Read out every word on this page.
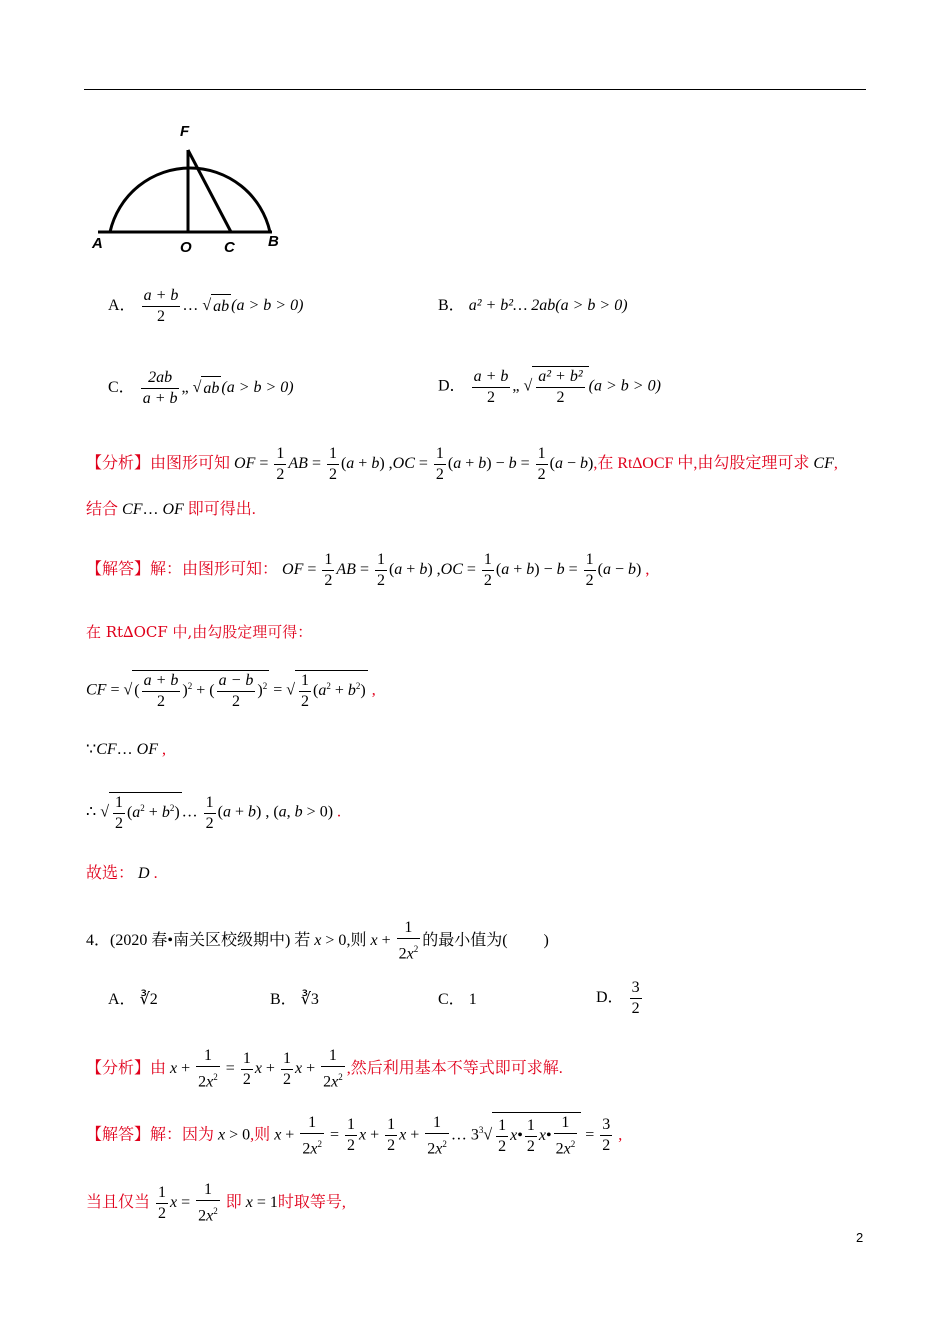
F
A	O C B
A． $\frac{a + b}{2}$ … √ ab (a > b > 0)	B． a² + b²… 2ab(a > b > 0)
C． $\frac{2ab}{a + b}$ „ √ ab (a > b > 0)	D． $\frac{a + b}{2}$ „ √ $\frac{\text{a² + b²}}{2} (a > b > 0)$
【分析】由图形可知 OF = $\frac{1}{2}$ AB = $\frac{1}{2} (a + b) ,OC = \frac{1}{2} (a + b) - b = \frac{1}{2} (a - b)$,在 Rt∆OCF 中,由勾股定理可求 CF,
结合 CF… OF 即可得出.
【解答】解：由图形可知： OF = $\frac{1}{2}$ AB = $\frac{1}{2} (a + b) ,OC = \frac{1}{2} (a + b) - b = \frac{1}{2} (a - b)$ ,
在 Rt∆OCF 中,由勾股定理可得：
CF = √ ( $\frac{a + b}{2} )^2$ + ( $\frac{a - b}{2} )^2$ = √ $\frac{1}{2} (a^2 + b^2)$ ,
∵CF… OF ,
∴ √ $\frac{1}{2} (a^2 + b^2)$ … $\frac{1}{2} (a + b)$ , (a, b > 0) .
故选： D .
4．(2020 春•南关区校级期中) 若 x > 0,则 $x + \frac{1}{2x^2}$ 的最小值为( )
A． ∛2	B． ∛3	C． 1	D． $\frac{3}{2}$
【分析】由 $x + \frac{1}{2x^2} = \frac{1}{2}$ $x + \frac{1}{2}$ $x + \frac{1}{2x^2}$ ,然后利用基本不等式即可求解.
【解答】解：因为 x > 0,则 $x + \frac{1}{2x^2} = \frac{1}{2}$ $x + \frac{1}{2}$ $x + \frac{1}{2x^2}$ … $3^3√ \frac{1}{2}$ x• $\frac{1}{2}$ x• $\frac{1}{2x^2} = \frac{3}{2}$ ,
当且仅当 $\frac{1}{2}$ $x = \frac{1}{2x^2}$ 即 x = 1时取等号,
2
